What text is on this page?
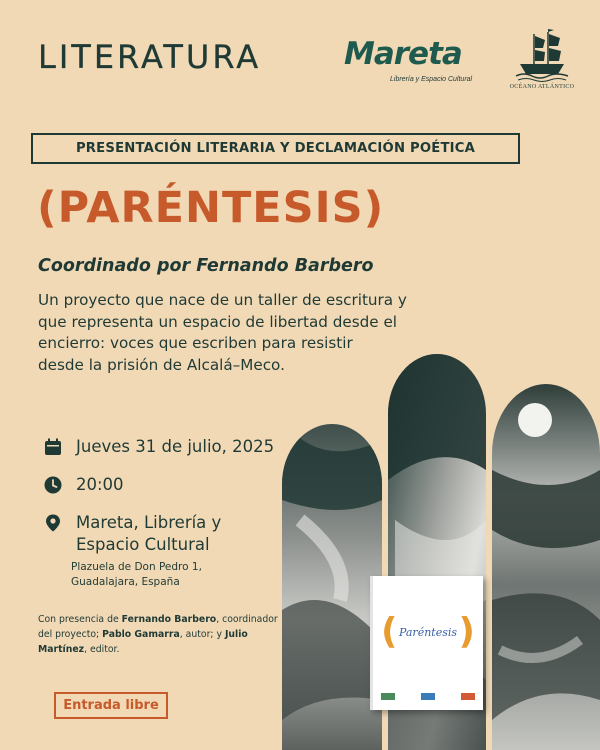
LITERATURA	Mareta
Librería y Espacio Cultural
OCÉANO ATLÁNTICO
PRESENTACIÓN LITERARIA Y DECLAMACIÓN POÉTICA
(PARÉNTESIS)
Coordinado por Fernando Barbero
Un proyecto que nace de un taller de escritura y
que representa un espacio de libertad desde el
encierro: voces que escriben para resistir
desde la prisión de Alcalá–Meco.
( Paréntesis )
Jueves 31 de julio, 2025
20:00
Mareta, Librería y
Espacio Cultural
Plazuela de Don Pedro 1,
Guadalajara, España
Con presencia de Fernando Barbero, coordinador del proyecto; Pablo Gamarra, autor; y Julio Martínez, editor.
Entrada libre
